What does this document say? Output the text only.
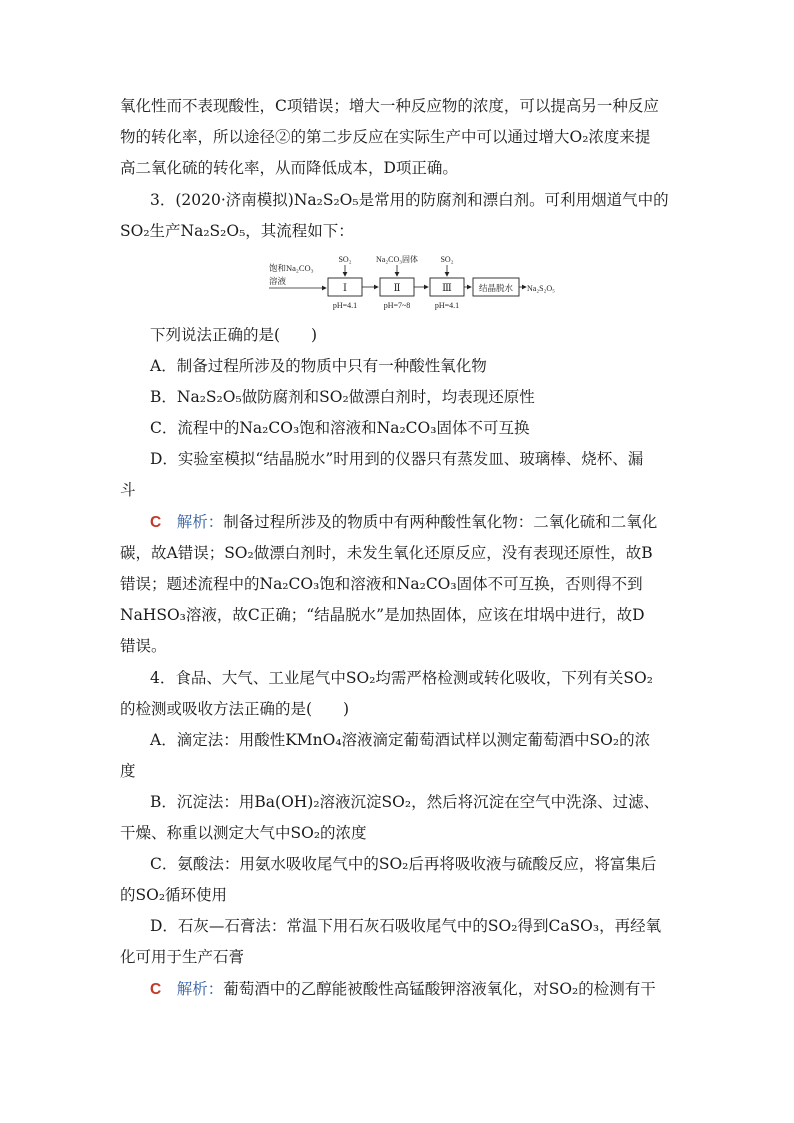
氧化性而不表现酸性，C项错误；增大一种反应物的浓度，可以提高另一种反应
物的转化率，所以途径②的第二步反应在实际生产中可以通过增大O₂浓度来提
高二氧化硫的转化率，从而降低成本，D项正确。
3．(2020·济南模拟)Na₂S₂O₅是常用的防腐剂和漂白剂。可利用烟道气中的
SO₂生产Na₂S₂O₅，其流程如下：
饱和Na₂CO₃
溶液
Ⅰ	Ⅱ	Ⅲ	结晶脱水 Na₂S₂O₅
SO₂	Na₂CO₃固体	SO₂
pH=4.1	pH=7~8	pH=4.1
下列说法正确的是(　　)
A．制备过程所涉及的物质中只有一种酸性氧化物
B．Na₂S₂O₅做防腐剂和SO₂做漂白剂时，均表现还原性
C．流程中的Na₂CO₃饱和溶液和Na₂CO₃固体不可互换
D．实验室模拟“结晶脱水”时用到的仪器只有蒸发皿、玻璃棒、烧杯、漏
斗
C　 解析：制备过程所涉及的物质中有两种酸性氧化物：二氧化硫和二氧化
碳，故A错误；SO₂做漂白剂时，未发生氧化还原反应，没有表现还原性，故B
错误；题述流程中的Na₂CO₃饱和溶液和Na₂CO₃固体不可互换，否则得不到
NaHSO₃溶液，故C正确；“结晶脱水”是加热固体，应该在坩埚中进行，故D
错误。
4．食品、大气、工业尾气中SO₂均需严格检测或转化吸收，下列有关SO₂
的检测或吸收方法正确的是(　　)
A．滴定法：用酸性KMnO₄溶液滴定葡萄酒试样以测定葡萄酒中SO₂的浓
度
B．沉淀法：用Ba(OH)₂溶液沉淀SO₂，然后将沉淀在空气中洗涤、过滤、
干燥、称重以测定大气中SO₂的浓度
C．氨酸法：用氨水吸收尾气中的SO₂后再将吸收液与硫酸反应，将富集后
的SO₂循环使用
D．石灰—石膏法：常温下用石灰石吸收尾气中的SO₂得到CaSO₃，再经氧
化可用于生产石膏
C　 解析：葡萄酒中的乙醇能被酸性高锰酸钾溶液氧化，对SO₂的检测有干
